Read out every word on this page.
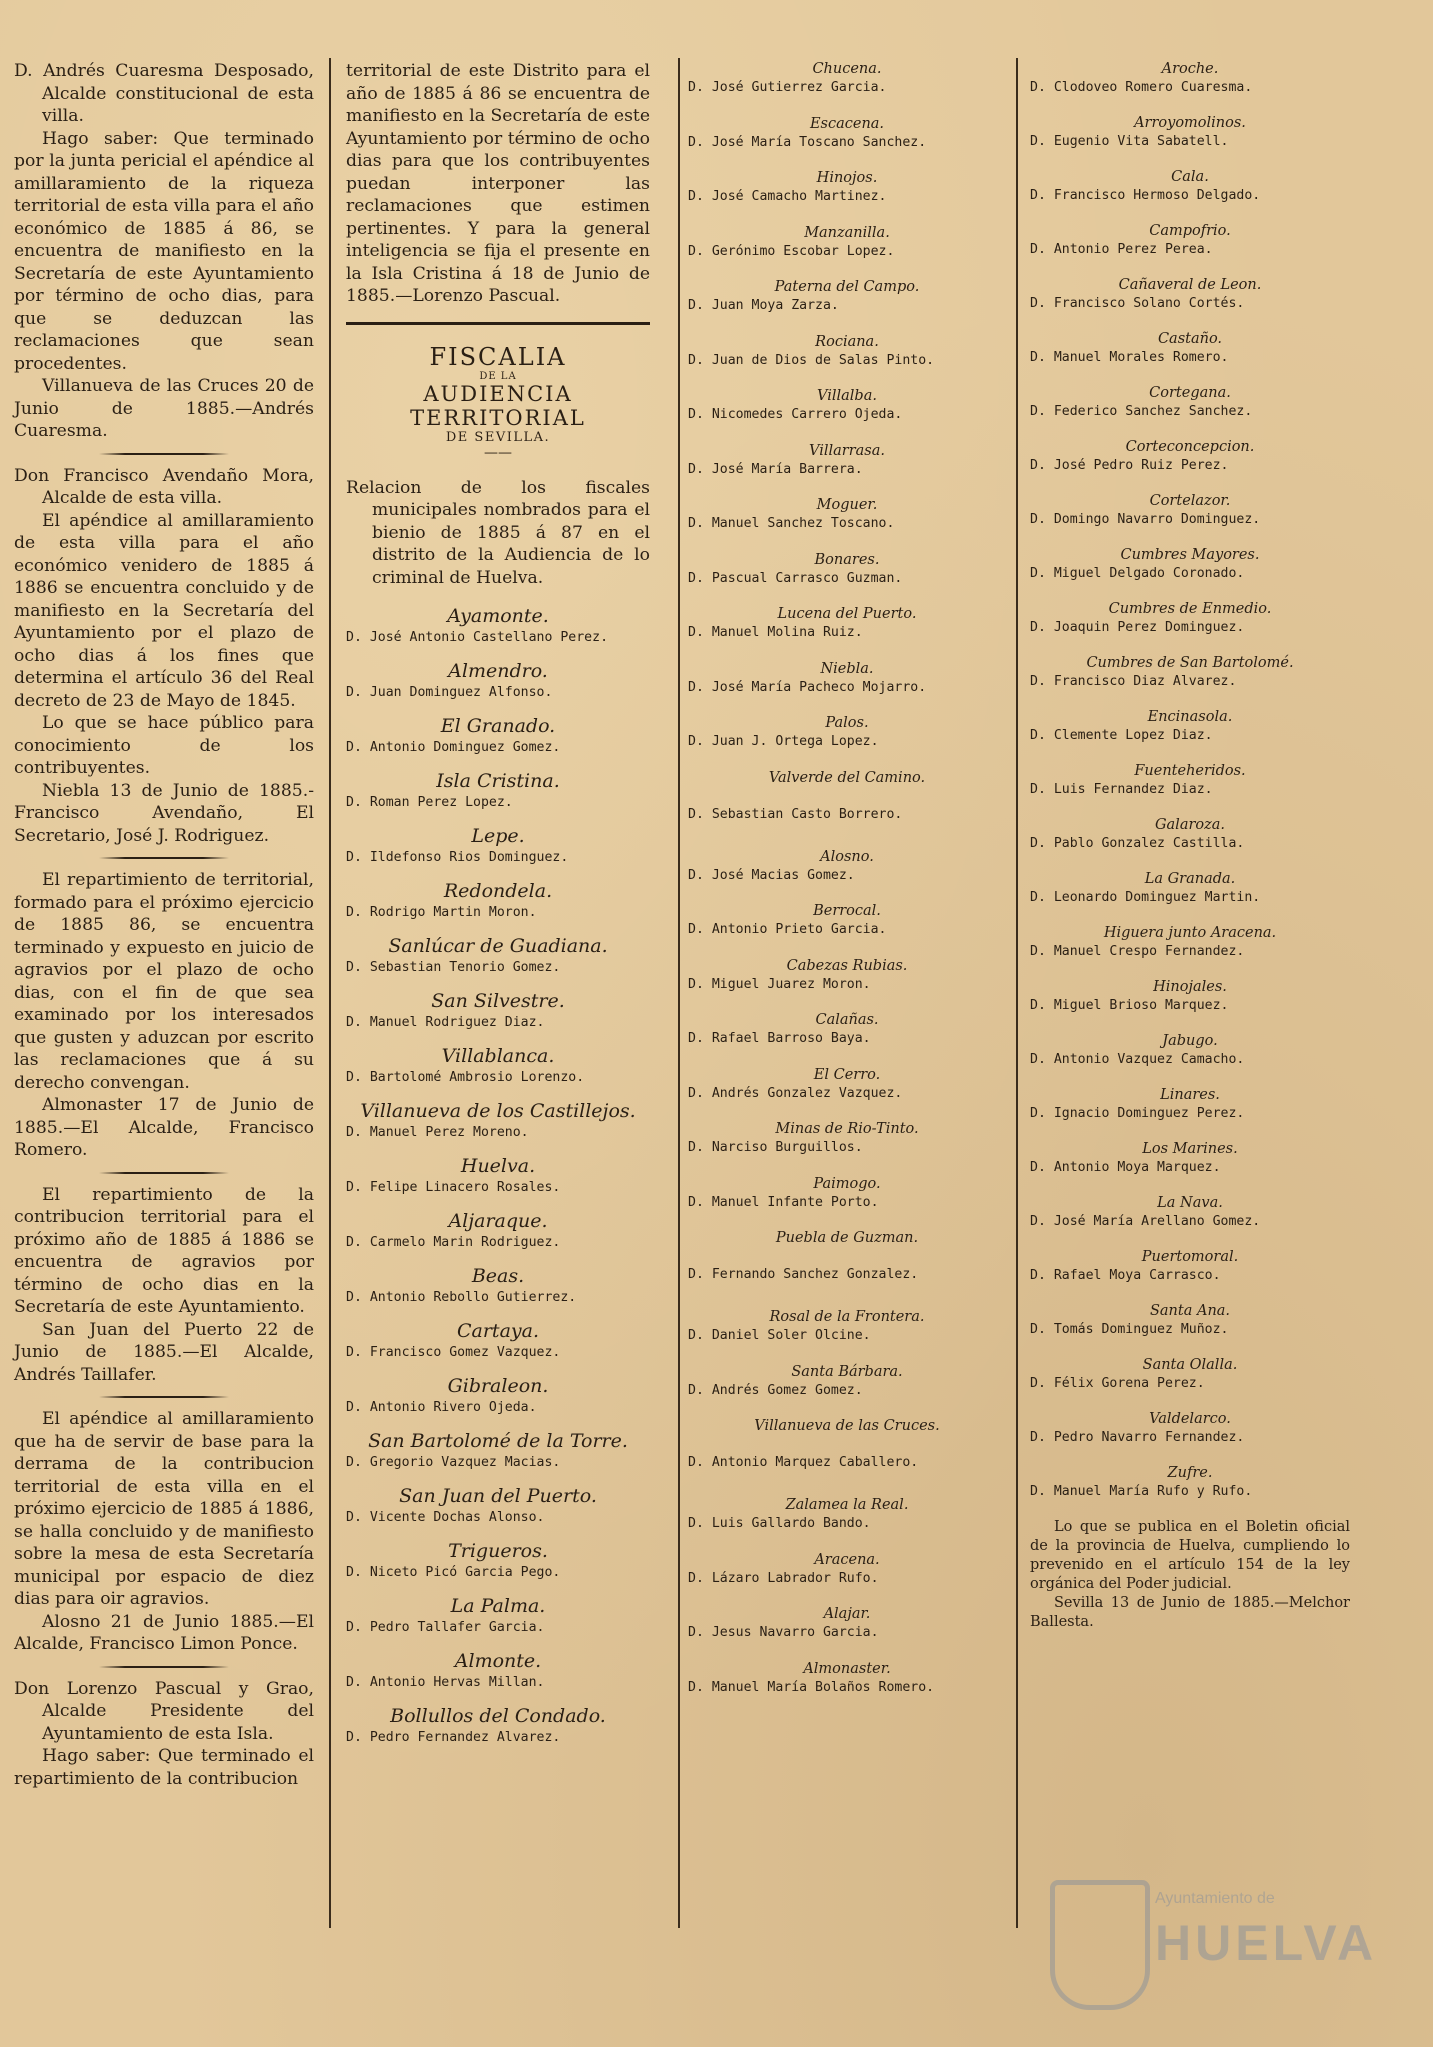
D. Andrés Cuaresma Desposado, Alcalde constitucional de esta villa.

Hago saber: Que terminado por la junta pericial el apéndice al amillaramiento de la riqueza territorial de esta villa para el año económico de 1885 á 86, se encuentra de manifiesto en la Secretaría de este Ayuntamiento por término de ocho dias, para que se deduzcan las reclamaciones que sean procedentes.

Villanueva de las Cruces 20 de Junio de 1885.—Andrés Cuaresma.

Don Francisco Avendaño Mora, Alcalde de esta villa.

El apéndice al amillaramiento de esta villa para el año económico venidero de 1885 á 1886 se encuentra concluido y de manifiesto en la Secretaría del Ayuntamiento por el plazo de ocho dias á los fines que determina el artículo 36 del Real decreto de 23 de Mayo de 1845.

Lo que se hace público para conocimiento de los contribuyentes.

Niebla 13 de Junio de 1885.-Francisco Avendaño, El Secretario, José J. Rodriguez.

El repartimiento de territorial, formado para el próximo ejercicio de 1885 86, se encuentra terminado y expuesto en juicio de agravios por el plazo de ocho dias, con el fin de que sea examinado por los interesados que gusten y aduzcan por escrito las reclamaciones que á su derecho convengan.

Almonaster 17 de Junio de 1885.—El Alcalde, Francisco Romero.

El repartimiento de la contribucion territorial para el próximo año de 1885 á 1886 se encuentra de agravios por término de ocho dias en la Secretaría de este Ayuntamiento.

San Juan del Puerto 22 de Junio de 1885.—El Alcalde, Andrés Taillafer.

El apéndice al amillaramiento que ha de servir de base para la derrama de la contribucion territorial de esta villa en el próximo ejercicio de 1885 á 1886, se halla concluido y de manifiesto sobre la mesa de esta Secretaría municipal por espacio de diez dias para oir agravios.

Alosno 21 de Junio 1885.—El Alcalde, Francisco Limon Ponce.

Don Lorenzo Pascual y Grao, Alcalde Presidente del Ayuntamiento de esta Isla.

Hago saber: Que terminado el repartimiento de la contribucion

territorial de este Distrito para el año de 1885 á 86 se encuentra de manifiesto en la Secretaría de este Ayuntamiento por término de ocho dias para que los contribuyentes puedan interponer las reclamaciones que estimen pertinentes. Y para la general inteligencia se fija el presente en la Isla Cristina á 18 de Junio de 1885.—Lorenzo Pascual.

FISCALIA
DE LA
AUDIENCIA TERRITORIAL
DE SEVILLA.
——

Relacion de los fiscales municipales nombrados para el bienio de 1885 á 87 en el distrito de la Audiencia de lo criminal de Huelva.

Ayamonte.
D. José Antonio Castellano Perez.
Almendro.
D. Juan Dominguez Alfonso.
El Granado.
D. Antonio Dominguez Gomez.
Isla Cristina.
D. Roman Perez Lopez.
Lepe.
D. Ildefonso Rios Dominguez.
Redondela.
D. Rodrigo Martin Moron.
Sanlúcar de Guadiana.
D. Sebastian Tenorio Gomez.
San Silvestre.
D. Manuel Rodriguez Diaz.
Villablanca.
D. Bartolomé Ambrosio Lorenzo.
Villanueva de los Castillejos.
D. Manuel Perez Moreno.
Huelva.
D. Felipe Linacero Rosales.
Aljaraque.
D. Carmelo Marin Rodriguez.
Beas.
D. Antonio Rebollo Gutierrez.
Cartaya.
D. Francisco Gomez Vazquez.
Gibraleon.
D. Antonio Rivero Ojeda.
San Bartolomé de la Torre.
D. Gregorio Vazquez Macias.
San Juan del Puerto.
D. Vicente Dochas Alonso.
Trigueros.
D. Niceto Picó Garcia Pego.
La Palma.
D. Pedro Tallafer Garcia.
Almonte.
D. Antonio Hervas Millan.
Bollullos del Condado.
D. Pedro Fernandez Alvarez.
Chucena.
D. José Gutierrez Garcia.
Escacena.
D. José María Toscano Sanchez.
Hinojos.
D. José Camacho Martinez.
Manzanilla.
D. Gerónimo Escobar Lopez.
Paterna del Campo.
D. Juan Moya Zarza.
Rociana.
D. Juan de Dios de Salas Pinto.
Villalba.
D. Nicomedes Carrero Ojeda.
Villarrasa.
D. José María Barrera.
Moguer.
D. Manuel Sanchez Toscano.
Bonares.
D. Pascual Carrasco Guzman.
Lucena del Puerto.
D. Manuel Molina Ruiz.
Niebla.
D. José María Pacheco Mojarro.
Palos.
D. Juan J. Ortega Lopez.
Valverde del Camino.
D. Sebastian Casto Borrero.
Alosno.
D. José Macias Gomez.
Berrocal.
D. Antonio Prieto Garcia.
Cabezas Rubias.
D. Miguel Juarez Moron.
Calañas.
D. Rafael Barroso Baya.
El Cerro.
D. Andrés Gonzalez Vazquez.
Minas de Rio-Tinto.
D. Narciso Burguillos.
Paimogo.
D. Manuel Infante Porto.
Puebla de Guzman.
D. Fernando Sanchez Gonzalez.
Rosal de la Frontera.
D. Daniel Soler Olcine.
Santa Bárbara.
D. Andrés Gomez Gomez.
Villanueva de las Cruces.
D. Antonio Marquez Caballero.
Zalamea la Real.
D. Luis Gallardo Bando.
Aracena.
D. Lázaro Labrador Rufo.
Alajar.
D. Jesus Navarro Garcia.
Almonaster.
D. Manuel María Bolaños Romero.
Aroche.
D. Clodoveo Romero Cuaresma.
Arroyomolinos.
D. Eugenio Vita Sabatell.
Cala.
D. Francisco Hermoso Delgado.
Campofrio.
D. Antonio Perez Perea.
Cañaveral de Leon.
D. Francisco Solano Cortés.
Castaño.
D. Manuel Morales Romero.
Cortegana.
D. Federico Sanchez Sanchez.
Corteconcepcion.
D. José Pedro Ruiz Perez.
Cortelazor.
D. Domingo Navarro Dominguez.
Cumbres Mayores.
D. Miguel Delgado Coronado.
Cumbres de Enmedio.
D. Joaquin Perez Dominguez.
Cumbres de San Bartolomé.
D. Francisco Diaz Alvarez.
Encinasola.
D. Clemente Lopez Diaz.
Fuenteheridos.
D. Luis Fernandez Diaz.
Galaroza.
D. Pablo Gonzalez Castilla.
La Granada.
D. Leonardo Dominguez Martin.
Higuera junto Aracena.
D. Manuel Crespo Fernandez.
Hinojales.
D. Miguel Brioso Marquez.
Jabugo.
D. Antonio Vazquez Camacho.
Linares.
D. Ignacio Dominguez Perez.
Los Marines.
D. Antonio Moya Marquez.
La Nava.
D. José María Arellano Gomez.
Puertomoral.
D. Rafael Moya Carrasco.
Santa Ana.
D. Tomás Dominguez Muñoz.
Santa Olalla.
D. Félix Gorena Perez.
Valdelarco.
D. Pedro Navarro Fernandez.
Zufre.
D. Manuel María Rufo y Rufo.

Lo que se publica en el Boletin oficial de la provincia de Huelva, cumpliendo lo prevenido en el artículo 154 de la ley orgánica del Poder judicial.

Sevilla 13 de Junio de 1885.—Melchor Ballesta.

Ayuntamiento de
HUELVA
